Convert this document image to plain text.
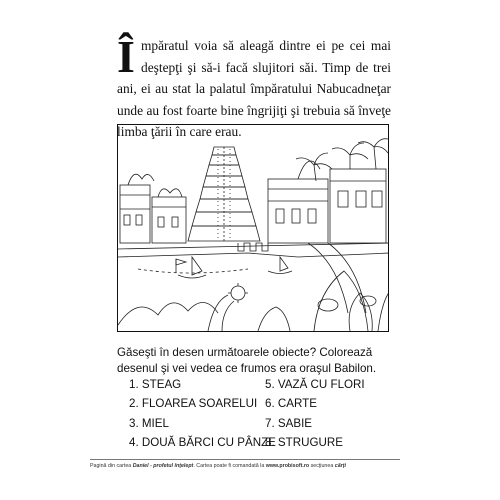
Împăratul voia să aleagă dintre ei pe cei mai deştepţi şi să-i facă slujitori săi. Timp de trei ani, ei au stat la palatul împăratului Nabucadneţar unde au fost foarte bine îngrijiţi şi trebuia să înveţe limba ţării în care erau.
Găseşti în desen următoarele obiecte? Colorează desenul şi vei vedea ce frumos era oraşul Babilon.
1. STEAG
2. FLOAREA SOARELUI
3. MIEL
4. DOUĂ BĂRCI CU PÂNZE
5. VAZĂ CU FLORI
6. CARTE
7. SABIE
8. STRUGURE
Pagină din cartea Daniel - profetul înţelept. Cartea poate fi comandată la www.probisoft.ro secţiunea cărţi
